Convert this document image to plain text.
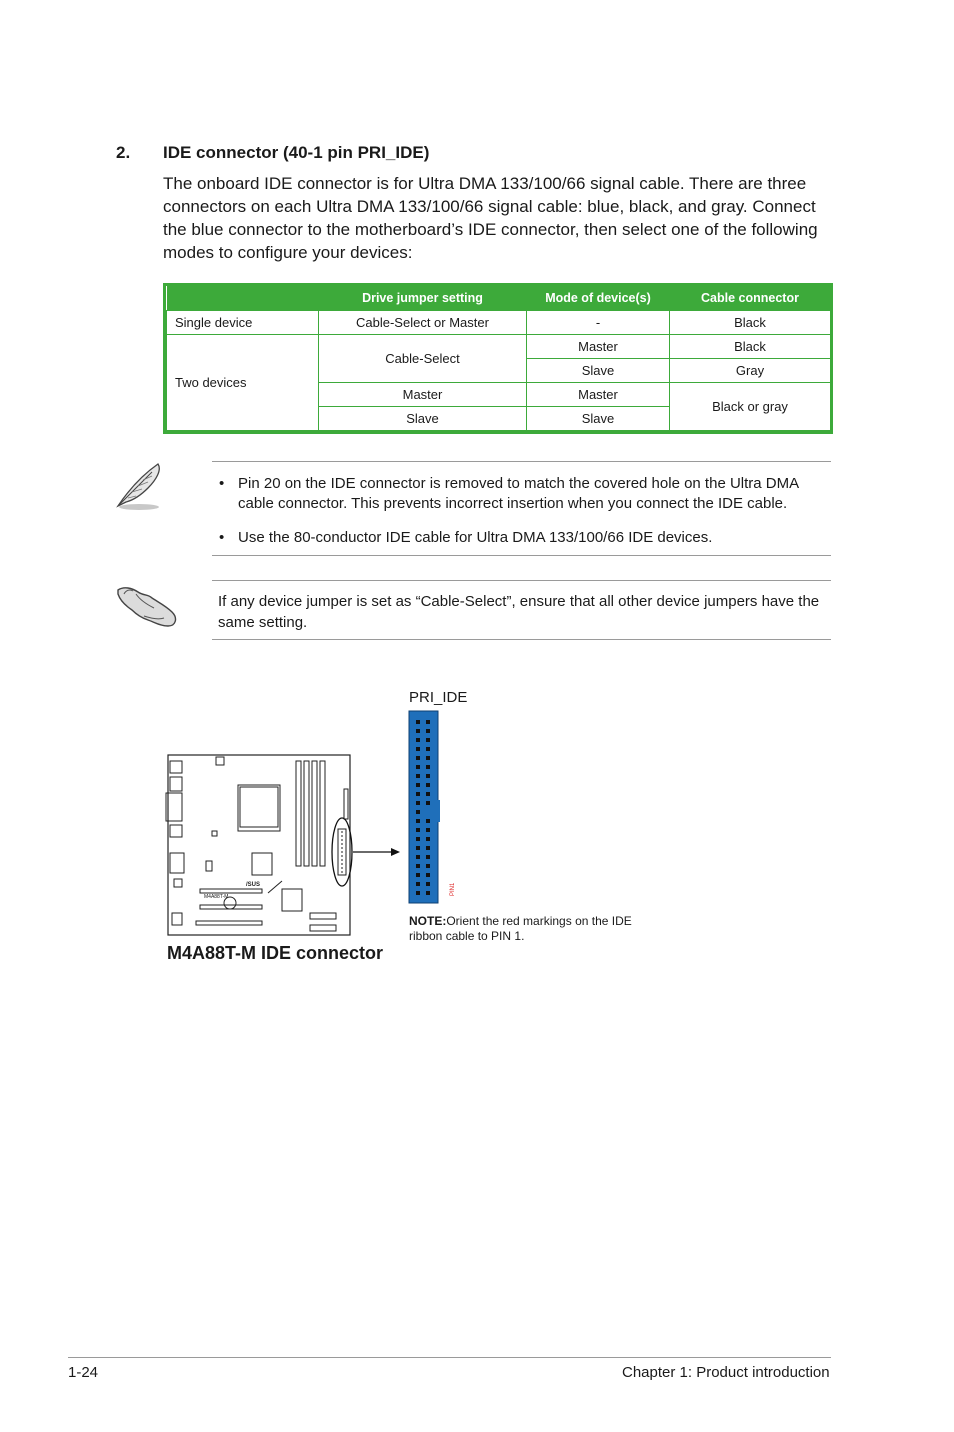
2. IDE connector (40-1 pin PRI_IDE)
The onboard IDE connector is for Ultra DMA 133/100/66 signal cable. There are three connectors on each Ultra DMA 133/100/66 signal cable: blue, black, and gray. Connect the blue connector to the motherboard’s IDE connector, then select one of the following modes to configure your devices:
	Drive jumper setting	Mode of device(s)	Cable connector
Single device	Cable-Select or Master	-	Black
Two devices	Cable-Select	Master	Black
		Slave	Gray
	Master	Master	Black or gray
	Slave	Slave	
• Pin 20 on the IDE connector is removed to match the covered hole on the Ultra DMA cable connector. This prevents incorrect insertion when you connect the IDE cable.
• Use the 80-conductor IDE cable for Ultra DMA 133/100/66 IDE devices.
If any device jumper is set as “Cable-Select”, ensure that all other device jumpers have the same setting.
PRI_IDE
M4A88T-M
/SUS	PIN1
NOTE:Orient the red markings on the IDE ribbon cable to PIN 1.
M4A88T-M IDE connector
1-24	Chapter 1: Product introduction
